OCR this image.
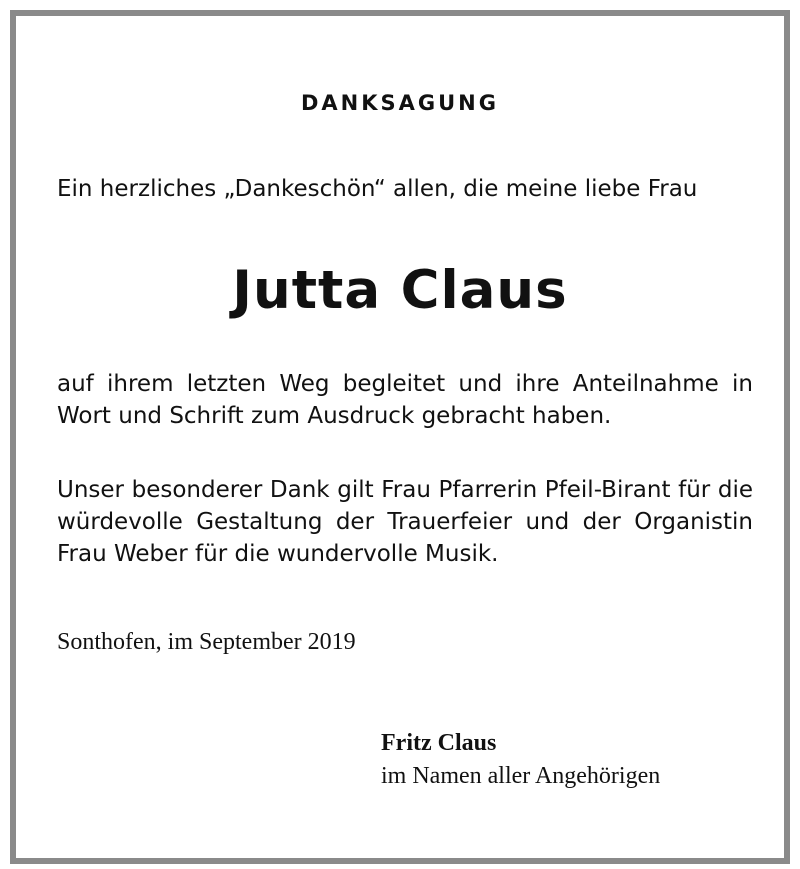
DANKSAGUNG
Ein herzliches „Dankeschön“ allen, die meine liebe Frau
Jutta Claus
auf ihrem letzten Weg begleitet und ihre Anteilnahme in Wort und Schrift zum Ausdruck gebracht haben.
Unser besonderer Dank gilt Frau Pfarrerin Pfeil-Birant für die würdevolle Gestaltung der Trauerfeier und der Organistin Frau Weber für die wundervolle Musik.
Sonthofen, im September 2019
Fritz Claus
im Namen aller Angehörigen
